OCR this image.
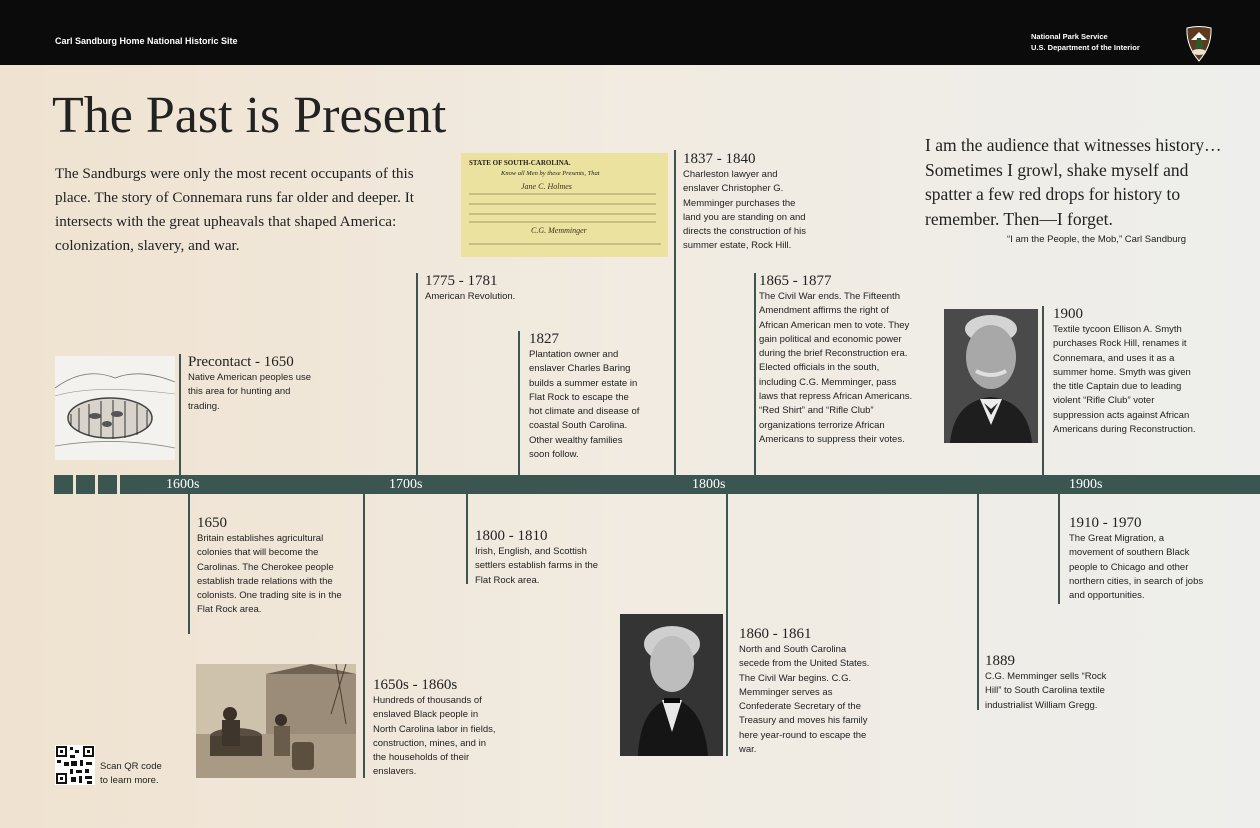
Carl Sandburg Home National Historic Site	National Park Service
U.S. Department of the Interior
The Past is Present
The Sandburgs were only the most recent occupants of this place. The story of Connemara runs far older and deeper. It intersects with the great upheavals that shaped America: colonization, slavery, and war.
I am the audience that witnesses history… Sometimes I growl, shake myself and spatter a few red drops for history to remember. Then—I forget.
“I am the People, the Mob,” Carl Sandburg
STATE OF SOUTH-CAROLINA.
Know all Men by these Presents, That
Jane C. Holmes
C.G. Memminger
1600s	1700s	1800s	1900s
Precontact - 1650

Native American peoples use this area for hunting and trading.

1775 - 1781

American Revolution.

1827

Plantation owner and enslaver Charles Baring builds a summer estate in Flat Rock to escape the hot climate and disease of coastal South Carolina. Other wealthy families soon follow.

1837 - 1840

Charleston lawyer and enslaver Christopher G. Memminger purchases the land you are standing on and directs the construction of his summer estate, Rock Hill.

1865 - 1877

The Civil War ends. The Fifteenth Amendment affirms the right of African American men to vote. They gain political and economic power during the brief Reconstruction era. Elected officials in the south, including C.G. Memminger, pass laws that repress African Americans. “Red Shirt” and “Rifle Club” organizations terrorize African Americans to suppress their votes.

1900

Textile tycoon Ellison A. Smyth purchases Rock Hill, renames it Connemara, and uses it as a summer home. Smyth was given the title Captain due to leading violent “Rifle Club” voter suppression acts against African Americans during Reconstruction.

1650

Britain establishes agricultural colonies that will become the Carolinas. The Cherokee people establish trade relations with the colonists. One trading site is in the Flat Rock area.

1650s - 1860s

Hundreds of thousands of enslaved Black people in North Carolina labor in fields, construction, mines, and in the households of their enslavers.

1800 - 1810

Irish, English, and Scottish settlers establish farms in the Flat Rock area.

1860 - 1861

North and South Carolina secede from the United States. The Civil War begins. C.G. Memminger serves as Confederate Secretary of the Treasury and moves his family here year-round to escape the war.

1889

C.G. Memminger sells “Rock Hill” to South Carolina textile industrialist William Gregg.

1910 - 1970

The Great Migration, a movement of southern Black people to Chicago and other northern cities, in search of jobs and opportunities.

Scan QR code to learn more.
